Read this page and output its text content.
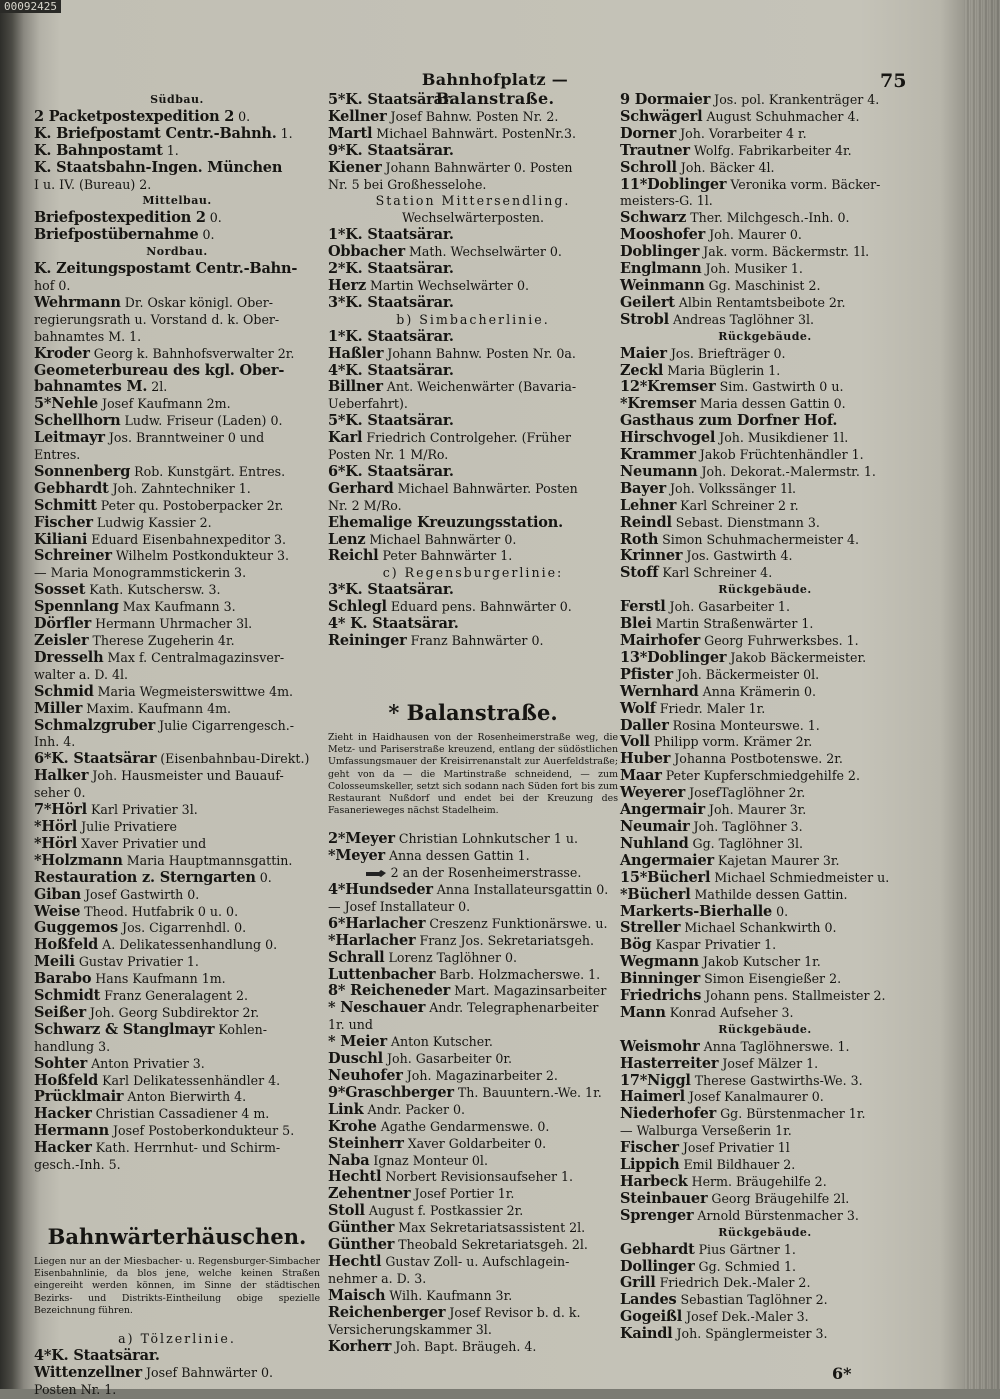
00092425
Bahnhofplatz — Balanstraße.
75
Südbau.
2 Packetpostexpedition 2 0.
K. Briefpostamt Centr.-Bahnh. 1.
K. Bahnpostamt 1.
K. Staatsbahn-Ingen. München
I u. IV. (Bureau) 2.
Mittelbau.
Briefpostexpedition 2 0.
Briefpostübernahme 0.
Nordbau.
K. Zeitungspostamt Centr.-Bahn-
hof 0.
Wehrmann Dr. Oskar königl. Ober-
regierungsrath u. Vorstand d. k. Ober-
bahnamtes M. 1.
Kroder Georg k. Bahnhofsverwalter 2r.
Geometerbureau des kgl. Ober-
bahnamtes M. 2l.
5*Nehle Josef Kaufmann 2m.
Schellhorn Ludw. Friseur (Laden) 0.
Leitmayr Jos. Branntweiner 0 und
Entres.
Sonnenberg Rob. Kunstgärt. Entres.
Gebhardt Joh. Zahntechniker 1.
Schmitt Peter qu. Postoberpacker 2r.
Fischer Ludwig Kassier 2.
Kiliani Eduard Eisenbahnexpeditor 3.
Schreiner Wilhelm Postkondukteur 3.
— Maria Monogrammstickerin 3.
Sosset Kath. Kutschersw. 3.
Spennlang Max Kaufmann 3.
Dörfler Hermann Uhrmacher 3l.
Zeisler Therese Zugeherin 4r.
Dresselh Max f. Centralmagazinsver-
walter a. D. 4l.
Schmid Maria Wegmeisterswittwe 4m.
Miller Maxim. Kaufmann 4m.
Schmalzgruber Julie Cigarrengesch.-
Inh. 4.
6*K. Staatsärar (Eisenbahnbau-Direkt.)
Halker Joh. Hausmeister und Bauauf-
seher 0.
7*Hörl Karl Privatier 3l.
*Hörl Julie Privatiere
*Hörl Xaver Privatier und
*Holzmann Maria Hauptmannsgattin.
Restauration z. Sterngarten 0.
Giban Josef Gastwirth 0.
Weise Theod. Hutfabrik 0 u. 0.
Guggemos Jos. Cigarrenhdl. 0.
Hoßfeld A. Delikatessenhandlung 0.
Meili Gustav Privatier 1.
Barabo Hans Kaufmann 1m.
Schmidt Franz Generalagent 2.
Seißer Joh. Georg Subdirektor 2r.
Schwarz & Stanglmayr Kohlen-
handlung 3.
Sohter Anton Privatier 3.
Hoßfeld Karl Delikatessenhändler 4.
Prücklmair Anton Bierwirth 4.
Hacker Christian Cassadiener 4 m.
Hermann Josef Postoberkondukteur 5.
Hacker Kath. Herrnhut- und Schirm-
gesch.-Inh. 5.
Bahnwärterhäuschen.
Liegen nur an der Miesbacher- u. Regensburger-Simbacher Eisenbahnlinie, da blos jene, welche keinen Straßen eingereiht werden können, im Sinne der städtischen Bezirks- und Distrikts-Eintheilung obige spezielle Bezeichnung führen.
a) Tölzerlinie.
4*K. Staatsärar.
Wittenzellner Josef Bahnwärter 0.
Posten Nr. 1.
5*K. Staatsärar.
Kellner Josef Bahnw. Posten Nr. 2.
Martl Michael Bahnwärt. PostenNr.3.
9*K. Staatsärar.
Kiener Johann Bahnwärter 0. Posten
Nr. 5 bei Großhesselohe.
Station Mittersendling.
Wechselwärterposten.
1*K. Staatsärar.
Obbacher Math. Wechselwärter 0.
2*K. Staatsärar.
Herz Martin Wechselwärter 0.
3*K. Staatsärar.
b) Simbacherlinie.
1*K. Staatsärar.
Haßler Johann Bahnw. Posten Nr. 0a.
4*K. Staatsärar.
Billner Ant. Weichenwärter (Bavaria-
Ueberfahrt).
5*K. Staatsärar.
Karl Friedrich Controlgeher. (Früher
Posten Nr. 1 M/Ro.
6*K. Staatsärar.
Gerhard Michael Bahnwärter. Posten
Nr. 2 M/Ro.
Ehemalige Kreuzungsstation.
Lenz Michael Bahnwärter 0.
Reichl Peter Bahnwärter 1.
c) Regensburgerlinie:
3*K. Staatsärar.
Schlegl Eduard pens. Bahnwärter 0.
4* K. Staatsärar.
Reininger Franz Bahnwärter 0.
* Balanstraße.
Zieht in Haidhausen von der Rosenheimerstraße weg, die Metz- und Pariserstraße kreuzend, entlang der südöstlichen Umfassungsmauer der Kreisirrenanstalt zur Auerfeldstraße; geht von da — die Martinstraße schneidend, — zum Colosseumskeller, setzt sich sodann nach Süden fort bis zum Restaurant Nußdorf und endet bei der Kreuzung des Fasanerieweges nächst Stadelheim.
2*Meyer Christian Lohnkutscher 1 u.
*Meyer Anna dessen Gattin 1.
2 an der Rosenheimerstrasse.
4*Hundseder Anna Installateursgattin 0.
— Josef Installateur 0.
6*Harlacher Creszenz Funktionärswe. u.
*Harlacher Franz Jos. Sekretariatsgeh.
Schrall Lorenz Taglöhner 0.
Luttenbacher Barb. Holzmacherswe. 1.
8* Reicheneder Mart. Magazinsarbeiter
* Neschauer Andr. Telegraphenarbeiter
1r. und
* Meier Anton Kutscher.
Duschl Joh. Gasarbeiter 0r.
Neuhofer Joh. Magazinarbeiter 2.
9*Graschberger Th. Bauuntern.-We. 1r.
Link Andr. Packer 0.
Krohe Agathe Gendarmenswe. 0.
Steinherr Xaver Goldarbeiter 0.
Naba Ignaz Monteur 0l.
Hechtl Norbert Revisionsaufseher 1.
Zehentner Josef Portier 1r.
Stoll August f. Postkassier 2r.
Günther Max Sekretariatsassistent 2l.
Günther Theobald Sekretariatsgeh. 2l.
Hechtl Gustav Zoll- u. Aufschlagein-
nehmer a. D. 3.
Maisch Wilh. Kaufmann 3r.
Reichenberger Josef Revisor b. d. k.
Versicherungskammer 3l.
Korherr Joh. Bapt. Bräugeh. 4.
9 Dormaier Jos. pol. Krankenträger 4.
Schwägerl August Schuhmacher 4.
Dorner Joh. Vorarbeiter 4 r.
Trautner Wolfg. Fabrikarbeiter 4r.
Schroll Joh. Bäcker 4l.
11*Doblinger Veronika vorm. Bäcker-
meisters-G. 1l.
Schwarz Ther. Milchgesch.-Inh. 0.
Mooshofer Joh. Maurer 0.
Doblinger Jak. vorm. Bäckermstr. 1l.
Englmann Joh. Musiker 1.
Weinmann Gg. Maschinist 2.
Geilert Albin Rentamtsbeibote 2r.
Strobl Andreas Taglöhner 3l.
Rückgebäude.
Maier Jos. Briefträger 0.
Zeckl Maria Büglerin 1.
12*Kremser Sim. Gastwirth 0 u.
*Kremser Maria dessen Gattin 0.
Gasthaus zum Dorfner Hof.
Hirschvogel Joh. Musikdiener 1l.
Krammer Jakob Früchtenhändler 1.
Neumann Joh. Dekorat.-Malermstr. 1.
Bayer Joh. Volkssänger 1l.
Lehner Karl Schreiner 2 r.
Reindl Sebast. Dienstmann 3.
Roth Simon Schuhmachermeister 4.
Krinner Jos. Gastwirth 4.
Stoff Karl Schreiner 4.
Rückgebäude.
Ferstl Joh. Gasarbeiter 1.
Blei Martin Straßenwärter 1.
Mairhofer Georg Fuhrwerksbes. 1.
13*Doblinger Jakob Bäckermeister.
Pfister Joh. Bäckermeister 0l.
Wernhard Anna Krämerin 0.
Wolf Friedr. Maler 1r.
Daller Rosina Monteurswe. 1.
Voll Philipp vorm. Krämer 2r.
Huber Johanna Postbotenswe. 2r.
Maar Peter Kupferschmiedgehilfe 2.
Weyerer JosefTaglöhner 2r.
Angermair Joh. Maurer 3r.
Neumair Joh. Taglöhner 3.
Nuhland Gg. Taglöhner 3l.
Angermaier Kajetan Maurer 3r.
15*Bücherl Michael Schmiedmeister u.
*Bücherl Mathilde dessen Gattin.
Markerts-Bierhalle 0.
Streller Michael Schankwirth 0.
Bög Kaspar Privatier 1.
Wegmann Jakob Kutscher 1r.
Binninger Simon Eisengießer 2.
Friedrichs Johann pens. Stallmeister 2.
Mann Konrad Aufseher 3.
Rückgebäude.
Weismohr Anna Taglöhnerswe. 1.
Hasterreiter Josef Mälzer 1.
17*Niggl Therese Gastwirths-We. 3.
Haimerl Josef Kanalmaurer 0.
Niederhofer Gg. Bürstenmacher 1r.
— Walburga Verseßerin 1r.
Fischer Josef Privatier 1l
Lippich Emil Bildhauer 2.
Harbeck Herm. Bräugehilfe 2.
Steinbauer Georg Bräugehilfe 2l.
Sprenger Arnold Bürstenmacher 3.
Rückgebäude.
Gebhardt Pius Gärtner 1.
Dollinger Gg. Schmied 1.
Grill Friedrich Dek.-Maler 2.
Landes Sebastian Taglöhner 2.
Gogeißl Josef Dek.-Maler 3.
Kaindl Joh. Spänglermeister 3.
6*
